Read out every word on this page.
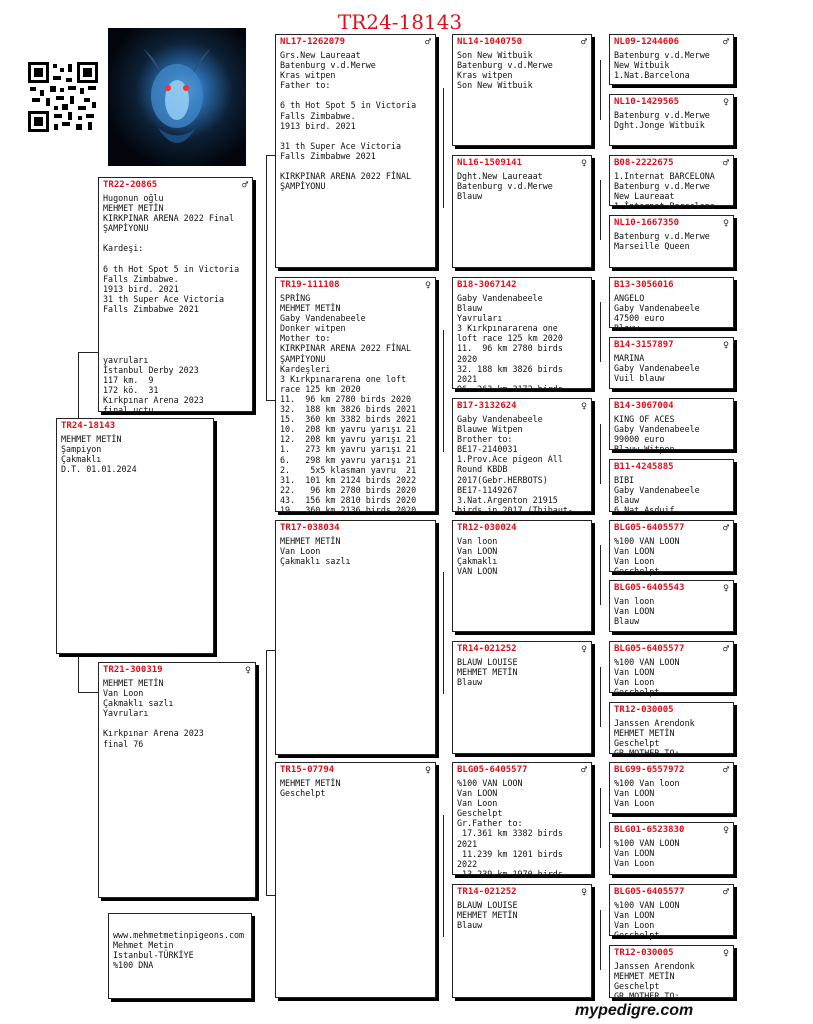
TR24-18143
TR24-18143
MEHMET METİN
Şampiyon
Çakmaklı
D.T. 01.01.2024
TR22-20865	♂
Hugonun oğlu
MEHMET METİN
KIRKPINAR ARENA 2022 Final
ŞAMPİYONU

Kardeşi:

6 th Hot Spot 5 in Victoria
Falls Zimbabwe.
1913 bird. 2021
31 th Super Ace Victoria
Falls Zimbabwe 2021

yavruları
İstanbul Derby 2023
117 km.  9
172 kö.  31
Kırkpınar Arena 2023
final uçtu
TR21-300319	♀
MEHMET METİN
Van Loon
Çakmaklı sazlı
Yavruları

Kırkpınar Arena 2023
final 76
NL17-1262079	♂
Grs.New Laureaat
Batenburg v.d.Merwe
Kras witpen
Father to:

6 th Hot Spot 5 in Victoria
Falls Zimbabwe.
1913 bird. 2021

31 th Super Ace Victoria
Falls Zimbabwe 2021

KIRKPINAR ARENA 2022 FİNAL
ŞAMPİYONU
TR19-111108	♀
SPRİNG
MEHMET METİN
Gaby Vandenabeele
Donker witpen
Mother to:
KIRKPINAR ARENA 2022 FİNAL
ŞAMPİYONU
Kardeşleri
3 Kırkpınararena one loft
race 125 km 2020
11.  96 km 2780 birds 2020
32.  188 km 3826 birds 2021
15.  360 km 3382 birds 2021
10.  208 km yavru yarışı 21
12.  208 km yavru yarışı 21
1.   273 km yavru yarışı 21
6.   298 km yavru yarışı 21
2.    5x5 klasman yavru  21
31.  101 km 2124 birds 2022
22.   96 km 2780 birds 2020
43.  156 km 2810 birds 2020
19.  360 km 2136 birds 2020
TR17-038034
MEHMET METİN
Van Loon
Çakmaklı sazlı
TR15-07794	♀
MEHMET METİN
Geschelpt
NL14-1040750	♂
Son New Witbuik
Batenburg v.d.Merwe
Kras witpen
Son New Witbuik
NL16-1509141	♀
Dght.New Laureaat
Batenburg v.d.Merwe
Blauw
B18-3067142
Gaby Vandenabeele
Blauw
Yavruları
3 Kırkpınararena one
loft race 125 km 2020
11.  96 km 2780 birds
2020
32. 188 km 3826 birds
2021
96. 263 km 3172 birds
B17-3132624	♀
Gaby Vandenabeele
Blauwe Witpen
Brother to:
BE17-2140031
1.Prov.Ace pigeon All
Round KBDB
2017(Gebr.HERBOTS)
BE17-1149267
3.Nat.Argenton 21915
birds in 2017 (Thibaut-
TR12-030024
Van loon
Van LOON
Çakmaklı
VAN LOON
TR14-021252	♀
BLAUW LOUISE
MEHMET METİN
Blauw
BLG05-6405577	♂
%100 VAN LOON
Van LOON
Van Loon
Geschelpt
Gr.Father to:
17.361 km 3382 birds
2021
11.239 km 1201 birds
2022
13.239 km 1970 birds
TR14-021252	♀
BLAUW LOUISE
MEHMET METİN
Blauw
NL09-1244606	♂
Batenburg v.d.Merwe
New Witbuik
1.Nat.Barcelona
NL10-1429565	♀
Batenburg v.d.Merwe
Dght.Jonge Witbuik
B08-2222675	♂
1.Internat BARCELONA
Batenburg v.d.Merwe
New Laureaat
1.İnternat Barcelona
NL10-1667350	♀
Batenburg v.d.Merwe
Marseille Queen
B13-3056016
ANGELO
Gaby Vandenabeele
47500 euro
Blauw
B14-3157897	♀
MARINA
Gaby Vandenabeele
Vuil blauw
B14-3067004
KING OF ACES
Gaby Vandenabeele
99000 euro
Blauw Witpen
B11-4245885
BIBI
Gaby Vandenabeele
Blauw
6.Nat.Asduif
BLG05-6405577	♂
%100 VAN LOON
Van LOON
Van Loon
Geschelpt
BLG05-6405543	♀
Van loon
Van LOON
Blauw
BLG05-6405577	♂
%100 VAN LOON
Van LOON
Van Loon
Geschelpt
TR12-030005
Janssen Arendonk
MEHMET METİN
Geschelpt
GR.MOTHER TO:
BLG99-6557972	♂
%100 Van loon
Van LOON
Van Loon
BLG01-6523830	♀
%100 VAN LOON
Van LOON
Van Loon
BLG05-6405577	♂
%100 VAN LOON
Van LOON
Van Loon
Geschelpt
TR12-030005	♀
Janssen Arendonk
MEHMET METİN
Geschelpt
GR.MOTHER TO:
www.mehmetmetinpigeons.com
Mehmet Metin
Istanbul-TÜRKİYE
%100 DNA
mypedigre.com
